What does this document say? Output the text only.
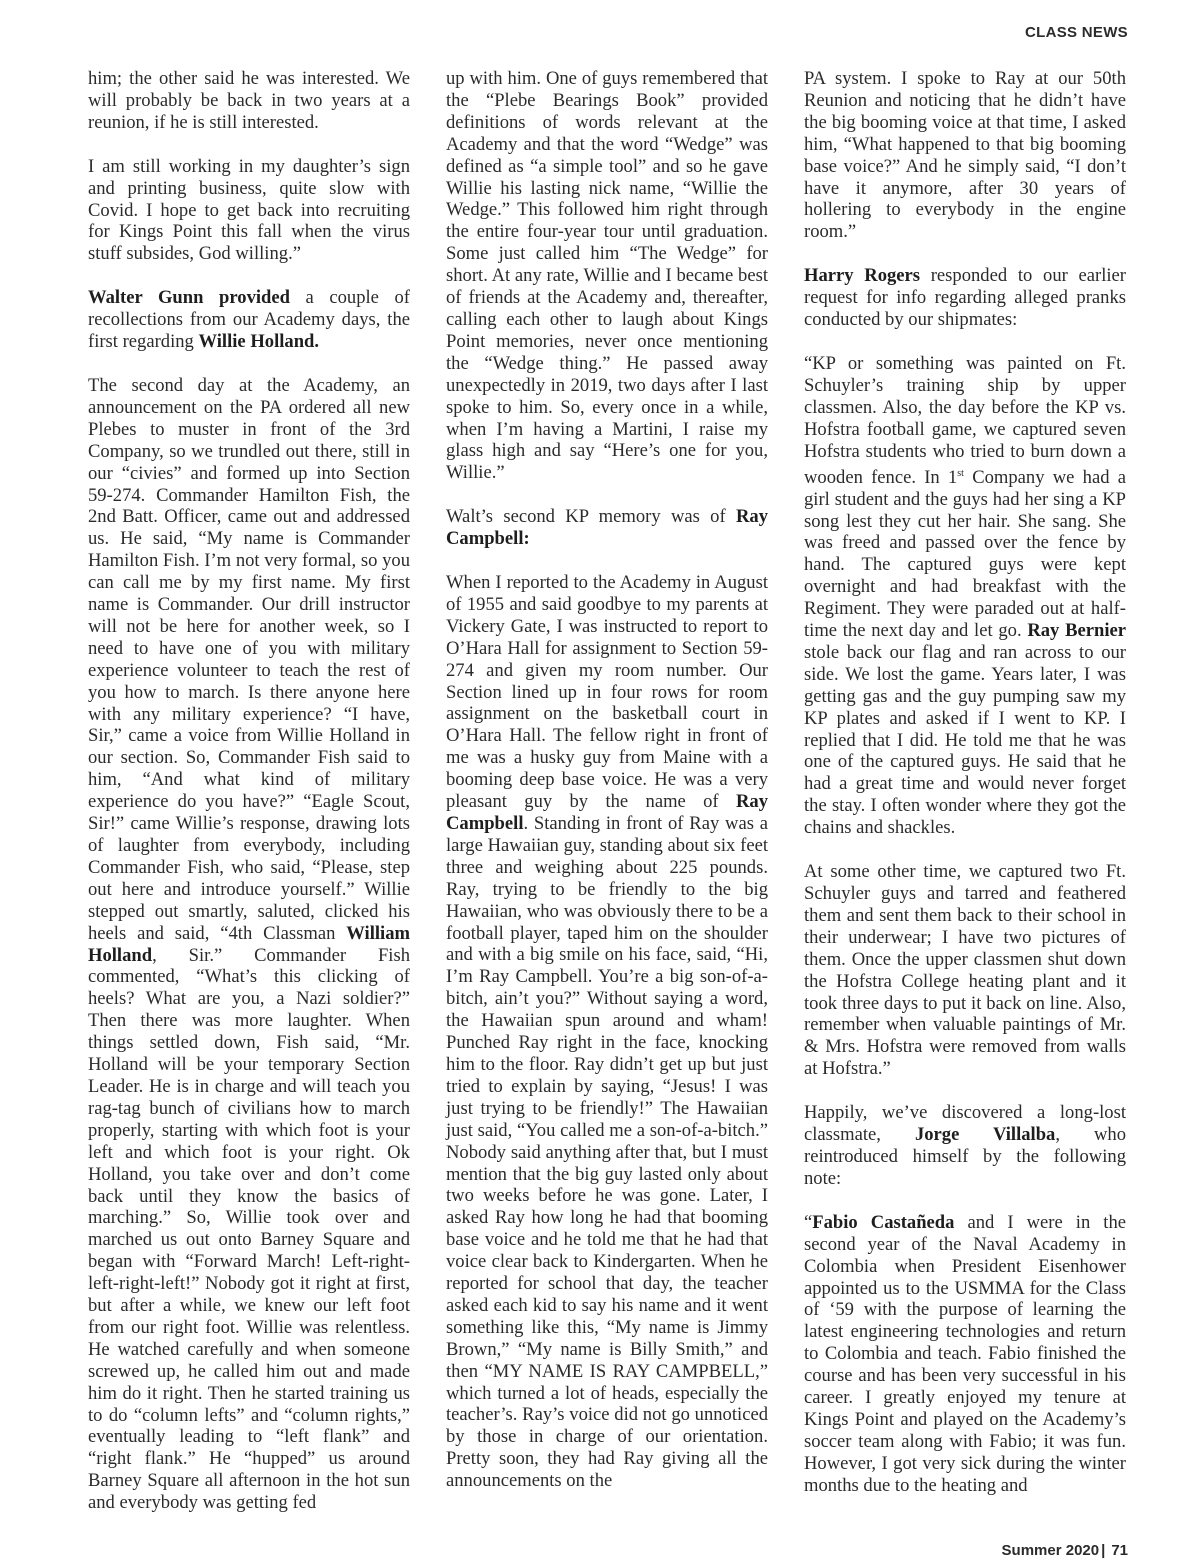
CLASS NEWS

him; the other said he was interested. We will probably be back in two years at a reunion, if he is still interested.

I am still working in my daughter’s sign and printing business, quite slow with Covid. I hope to get back into recruiting for Kings Point this fall when the virus stuff subsides, God willing.”

Walter Gunn provided a couple of recollections from our Academy days, the first regarding Willie Holland.

The second day at the Academy, an announcement on the PA ordered all new Plebes to muster in front of the 3rd Company, so we trundled out there, still in our “civies” and formed up into Section 59-274. Commander Hamilton Fish, the 2nd Batt. Officer, came out and addressed us. He said, “My name is Commander Hamilton Fish. I’m not very formal, so you can call me by my first name. My first name is Commander. Our drill instructor will not be here for another week, so I need to have one of you with military experience volunteer to teach the rest of you how to march. Is there anyone here with any military experience? “I have, Sir,” came a voice from Willie Holland in our section. So, Commander Fish said to him, “And what kind of military experience do you have?” “Eagle Scout, Sir!” came Willie’s response, drawing lots of laughter from everybody, including Commander Fish, who said, “Please, step out here and introduce yourself.” Willie stepped out smartly, saluted, clicked his heels and said, “4th Classman William Holland, Sir.” Commander Fish commented, “What’s this clicking of heels? What are you, a Nazi soldier?” Then there was more laughter. When things settled down, Fish said, “Mr. Holland will be your temporary Section Leader. He is in charge and will teach you rag-tag bunch of civilians how to march properly, starting with which foot is your left and which foot is your right. Ok Holland, you take over and don’t come back until they know the basics of marching.” So, Willie took over and marched us out onto Barney Square and began with “Forward March! Left-right-left-right-left!” Nobody got it right at first, but after a while, we knew our left foot from our right foot. Willie was relentless. He watched carefully and when someone screwed up, he called him out and made him do it right. Then he started training us to do “column lefts” and “column rights,” eventually leading to “left flank” and “right flank.” He “hupped” us around Barney Square all afternoon in the hot sun and everybody was getting fed

up with him. One of guys remembered that the “Plebe Bearings Book” provided definitions of words relevant at the Academy and that the word “Wedge” was defined as “a simple tool” and so he gave Willie his lasting nick name, “Willie the Wedge.” This followed him right through the entire four-year tour until graduation. Some just called him “The Wedge” for short. At any rate, Willie and I became best of friends at the Academy and, thereafter, calling each other to laugh about Kings Point memories, never once mentioning the “Wedge thing.” He passed away unexpectedly in 2019, two days after I last spoke to him. So, every once in a while, when I’m having a Martini, I raise my glass high and say “Here’s one for you, Willie.”

Walt’s second KP memory was of Ray Campbell:

When I reported to the Academy in August of 1955 and said goodbye to my parents at Vickery Gate, I was instructed to report to O’Hara Hall for assignment to Section 59-274 and given my room number. Our Section lined up in four rows for room assignment on the basketball court in O’Hara Hall. The fellow right in front of me was a husky guy from Maine with a booming deep base voice. He was a very pleasant guy by the name of Ray Campbell. Standing in front of Ray was a large Hawaiian guy, standing about six feet three and weighing about 225 pounds. Ray, trying to be friendly to the big Hawaiian, who was obviously there to be a football player, taped him on the shoulder and with a big smile on his face, said, “Hi, I’m Ray Campbell. You’re a big son-of-a-bitch, ain’t you?” Without saying a word, the Hawaiian spun around and wham! Punched Ray right in the face, knocking him to the floor. Ray didn’t get up but just tried to explain by saying, “Jesus! I was just trying to be friendly!” The Hawaiian just said, “You called me a son-of-a-bitch.” Nobody said anything after that, but I must mention that the big guy lasted only about two weeks before he was gone. Later, I asked Ray how long he had that booming base voice and he told me that he had that voice clear back to Kindergarten. When he reported for school that day, the teacher asked each kid to say his name and it went something like this, “My name is Jimmy Brown,” “My name is Billy Smith,” and then “MY NAME IS RAY CAMPBELL,” which turned a lot of heads, especially the teacher’s. Ray’s voice did not go unnoticed by those in charge of our orientation. Pretty soon, they had Ray giving all the announcements on the

PA system. I spoke to Ray at our 50th Reunion and noticing that he didn’t have the big booming voice at that time, I asked him, “What happened to that big booming base voice?” And he simply said, “I don’t have it anymore, after 30 years of hollering to everybody in the engine room.”

Harry Rogers responded to our earlier request for info regarding alleged pranks conducted by our shipmates:

“KP or something was painted on Ft. Schuyler’s training ship by upper classmen. Also, the day before the KP vs. Hofstra football game, we captured seven Hofstra students who tried to burn down a wooden fence. In 1st Company we had a girl student and the guys had her sing a KP song lest they cut her hair. She sang. She was freed and passed over the fence by hand. The captured guys were kept overnight and had breakfast with the Regiment. They were paraded out at half-time the next day and let go. Ray Bernier stole back our flag and ran across to our side. We lost the game. Years later, I was getting gas and the guy pumping saw my KP plates and asked if I went to KP. I replied that I did. He told me that he was one of the captured guys. He said that he had a great time and would never forget the stay. I often wonder where they got the chains and shackles.

At some other time, we captured two Ft. Schuyler guys and tarred and feathered them and sent them back to their school in their underwear; I have two pictures of them. Once the upper classmen shut down the Hofstra College heating plant and it took three days to put it back on line. Also, remember when valuable paintings of Mr. & Mrs. Hofstra were removed from walls at Hofstra.”

Happily, we’ve discovered a long-lost classmate, Jorge Villalba, who reintroduced himself by the following note:

“Fabio Castañeda and I were in the second year of the Naval Academy in Colombia when President Eisenhower appointed us to the USMMA for the Class of ‘59 with the purpose of learning the latest engineering technologies and return to Colombia and teach. Fabio finished the course and has been very successful in his career. I greatly enjoyed my tenure at Kings Point and played on the Academy’s soccer team along with Fabio; it was fun. However, I got very sick during the winter months due to the heating and

Summer 2020 | 71
